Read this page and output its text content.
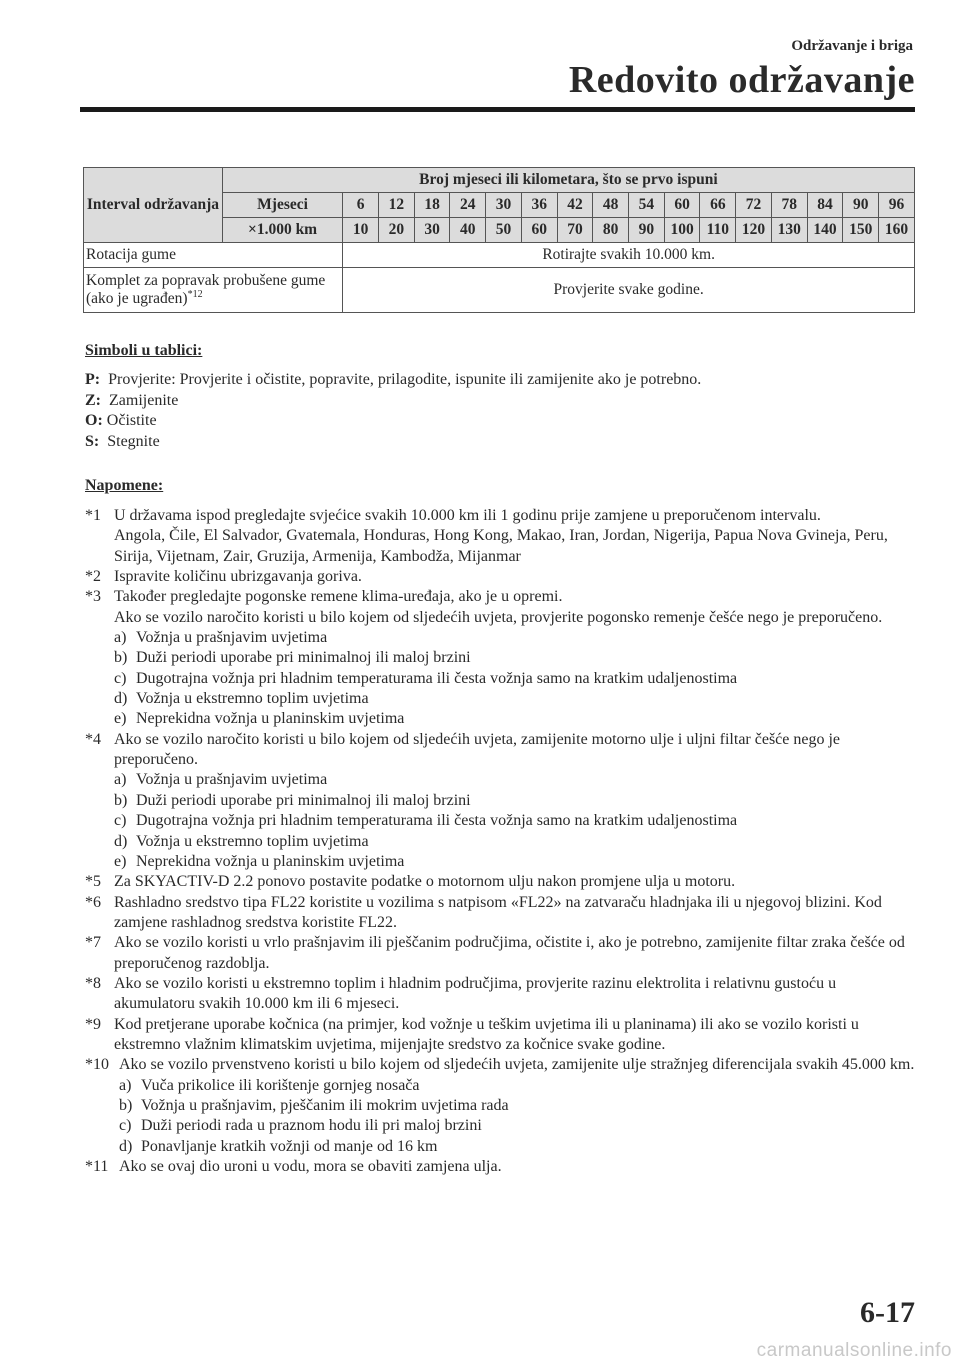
Održavanje i briga
Redovito održavanje
Interval održavanja	Broj mjeseci ili kilometara, što se prvo ispuni																
	Mjeseci	6	12	18	24	30	36	42	48	54	60	66	72	78	84	90	96
	×1.000 km	10	20	30	40	50	60	70	80	90	100	110	120	130	140	150	160
Rotacija gume		Rotirajte svakih 10.000 km.															
Komplet za popravak probušene gume (ako je ugrađen)$^{*12}$		Provjerite svake godine.															
Simboli u tablici:
P: Provjerite: Provjerite i očistite, popravite, prilagodite, ispunite ili zamijenite ako je potrebno.
Z: Zamijenite
O: Očistite
S: Stegnite
Napomene:
*1 U državama ispod pregledajte svjećice svakih 10.000 km ili 1 godinu prije zamjene u preporučenom intervalu.

Angola, Čile, El Salvador, Gvatemala, Honduras, Hong Kong, Makao, Iran, Jordan, Nigerija, Papua Nova Gvineja, Peru, Sirija, Vijetnam, Zair, Gruzija, Armenija, Kambodža, Mijanmar

*2 Ispravite količinu ubrizgavanja goriva.

*3 Također pregledajte pogonske remene klima-uređaja, ako je u opremi.

Ako se vozilo naročito koristi u bilo kojem od sljedećih uvjeta, provjerite pogonsko remenje češće nego je preporučeno.

a) Vožnja u prašnjavim uvjetima
b) Duži periodi uporabe pri minimalnoj ili maloj brzini
c) Dugotrajna vožnja pri hladnim temperaturama ili česta vožnja samo na kratkim udaljenostima
d) Vožnja u ekstremno toplim uvjetima
e) Neprekidna vožnja u planinskim uvjetima
*4 Ako se vozilo naročito koristi u bilo kojem od sljedećih uvjeta, zamijenite motorno ulje i uljni filtar češće nego je preporučeno.

a) Vožnja u prašnjavim uvjetima
b) Duži periodi uporabe pri minimalnoj ili maloj brzini
c) Dugotrajna vožnja pri hladnim temperaturama ili česta vožnja samo na kratkim udaljenostima
d) Vožnja u ekstremno toplim uvjetima
e) Neprekidna vožnja u planinskim uvjetima
*5 Za SKYACTIV-D 2.2 ponovo postavite podatke o motornom ulju nakon promjene ulja u motoru.

*6 Rashladno sredstvo tipa FL22 koristite u vozilima s natpisom «FL22» na zatvaraču hladnjaka ili u njegovoj blizini. Kod zamjene rashladnog sredstva koristite FL22.

*7 Ako se vozilo koristi u vrlo prašnjavim ili pješčanim područjima, očistite i, ako je potrebno, zamijenite filtar zraka češće od preporučenog razdoblja.

*8 Ako se vozilo koristi u ekstremno toplim i hladnim područjima, provjerite razinu elektrolita i relativnu gustoću u akumulatoru svakih 10.000 km ili 6 mjeseci.

*9 Kod pretjerane uporabe kočnica (na primjer, kod vožnje u teškim uvjetima ili u planinama) ili ako se vozilo koristi u ekstremno vlažnim klimatskim uvjetima, mijenjajte sredstvo za kočnice svake godine.

*10 Ako se vozilo prvenstveno koristi u bilo kojem od sljedećih uvjeta, zamijenite ulje stražnjeg diferencijala svakih 45.000 km.

a) Vuča prikolice ili korištenje gornjeg nosača
b) Vožnja u prašnjavim, pješčanim ili mokrim uvjetima rada
c) Duži periodi rada u praznom hodu ili pri maloj brzini
d) Ponavljanje kratkih vožnji od manje od 16 km
*11 Ako se ovaj dio uroni u vodu, mora se obaviti zamjena ulja.

6-17
carmanualsonline.info
